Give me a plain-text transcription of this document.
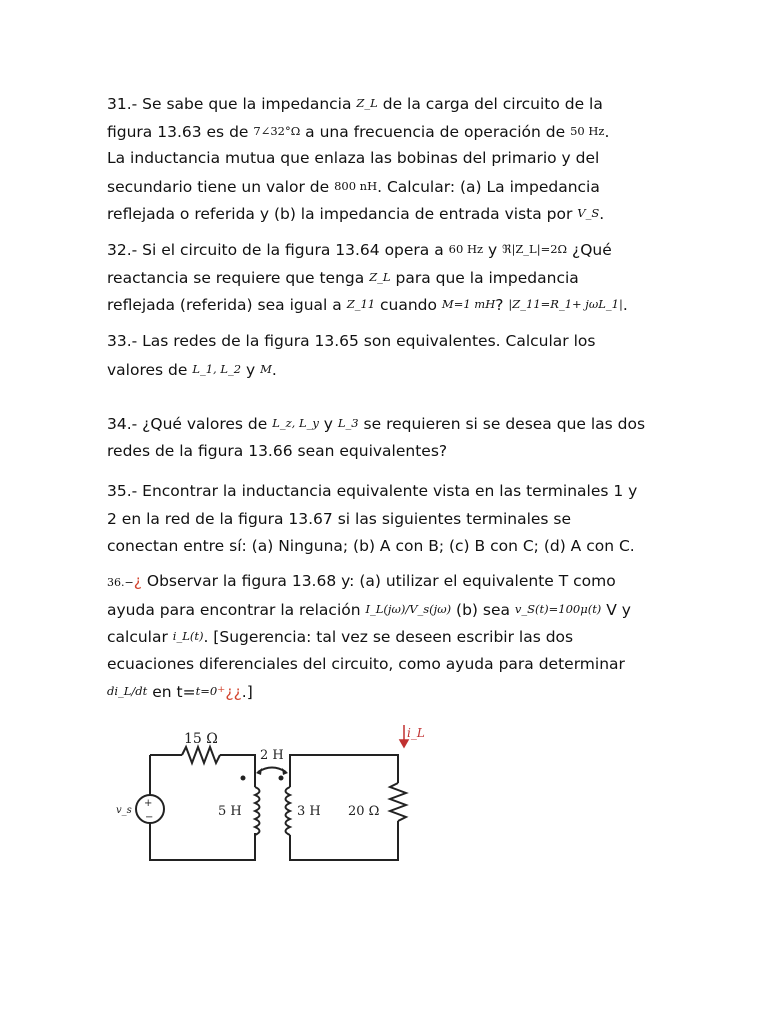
31.- Se sabe que la impedancia Z_L de la carga del circuito de la
figura 13.63 es de 7∠32°Ω a una frecuencia de operación de 50 Hz.
La inductancia mutua que enlaza las bobinas del primario y del
secundario tiene un valor de 800 nH. Calcular: (a) La impedancia
reflejada o referida y (b) la impedancia de entrada vista por V_S.
32.- Si el circuito de la figura 13.64 opera a 60 Hz y ℜ|Z_L|=2Ω ¿Qué
reactancia se requiere que tenga Z_L para que la impedancia
reflejada (referida) sea igual a Z_11 cuando M=1 mH? |Z_11=R_1+ jωL_1|.
33.- Las redes de la figura 13.65 son equivalentes. Calcular los
valores de L_1, L_2 y M.
34.- ¿Qué valores de L_z, L_y y L_3 se requieren si se desea que las dos
redes de la figura 13.66 sean equivalentes?
35.- Encontrar la inductancia equivalente vista en las terminales 1 y
2 en la red de la figura 13.67 si las siguientes terminales se
conectan entre sí: (a) Ninguna; (b) A con B; (c) B con C; (d) A con C.
36.−¿ Observar la figura 13.68 y: (a) utilizar el equivalente T como
ayuda para encontrar la relación I_L(jω)/V_s(jω) (b) sea v_S(t)=100μ(t) V y
calcular i_L(t). [Sugerencia: tal vez se deseen escribir las dos
ecuaciones diferenciales del circuito, como ayuda para determinar
di_L/dt en t=t=0⁺¿¿.]
+
−
15 Ω
2 H
5 H	3 H 20 Ω
v_s
i_L
